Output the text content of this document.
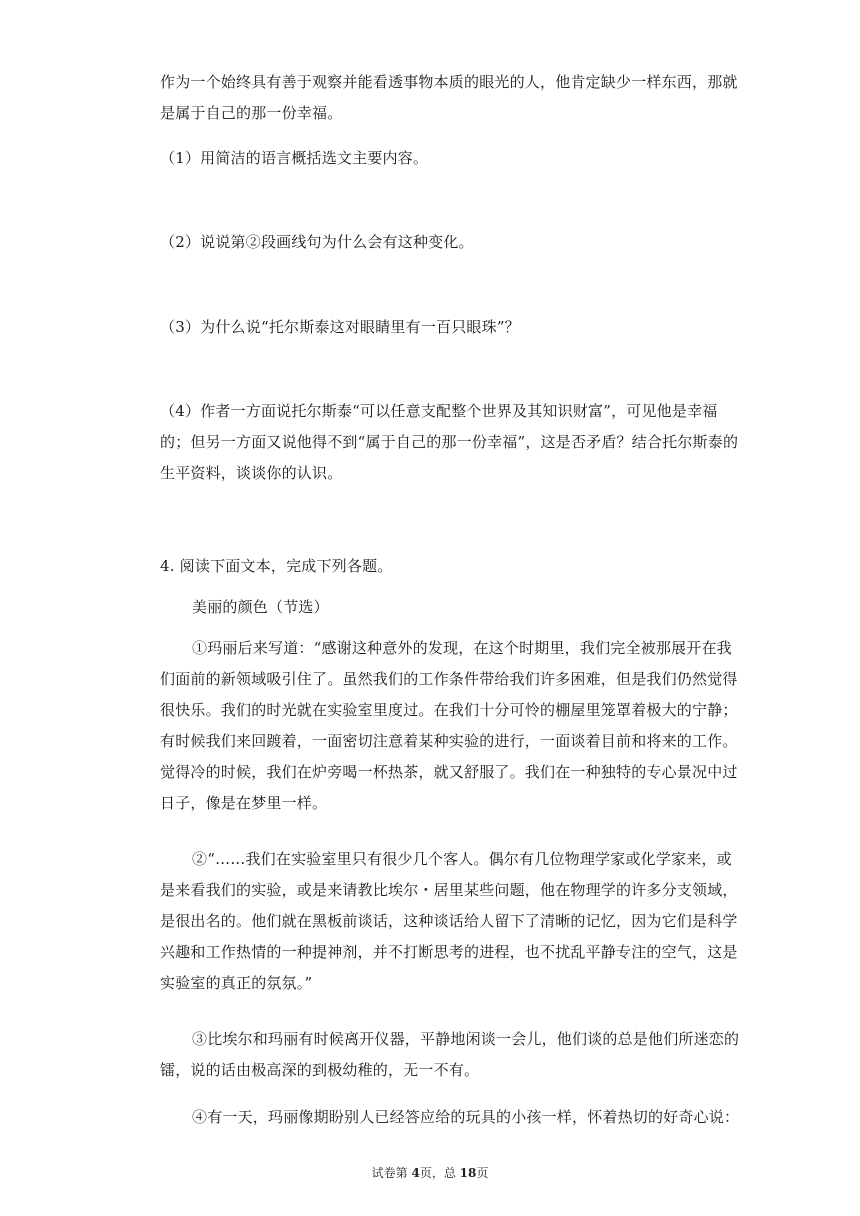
作为一个始终具有善于观察并能看透事物本质的眼光的人，他肯定缺少一样东西，那就是属于自己的那一份幸福。

（1）用简洁的语言概括选文主要内容。

（2）说说第②段画线句为什么会有这种变化。

（3）为什么说“托尔斯泰这对眼睛里有一百只眼珠”？

（4）作者一方面说托尔斯泰“可以任意支配整个世界及其知识财富”，可见他是幸福的；但另一方面又说他得不到“属于自己的那一份幸福”，这是否矛盾？结合托尔斯泰的生平资料，谈谈你的认识。

4. 阅读下面文本，完成下列各题。

美丽的颜色（节选）

①玛丽后来写道：“感谢这种意外的发现，在这个时期里，我们完全被那展开在我们面前的新领域吸引住了。虽然我们的工作条件带给我们许多困难，但是我们仍然觉得很快乐。我们的时光就在实验室里度过。在我们十分可怜的棚屋里笼罩着极大的宁静；有时候我们来回踱着，一面密切注意着某种实验的进行，一面谈着目前和将来的工作。觉得冷的时候，我们在炉旁喝一杯热茶，就又舒服了。我们在一种独特的专心景况中过日子，像是在梦里一样。

②“……我们在实验室里只有很少几个客人。偶尔有几位物理学家或化学家来，或是来看我们的实验，或是来请教比埃尔・居里某些问题，他在物理学的许多分支领域，是很出名的。他们就在黑板前谈话，这种谈话给人留下了清晰的记忆，因为它们是科学兴趣和工作热情的一种提神剂，并不打断思考的进程，也不扰乱平静专注的空气，这是实验室的真正的氛氛。”

③比埃尔和玛丽有时候离开仪器，平静地闲谈一会儿，他们谈的总是他们所迷恋的镭，说的话由极高深的到极幼稚的，无一不有。

④有一天，玛丽像期盼别人已经答应给的玩具的小孩一样，怀着热切的好奇心说：

试卷第 4页，总 18页
